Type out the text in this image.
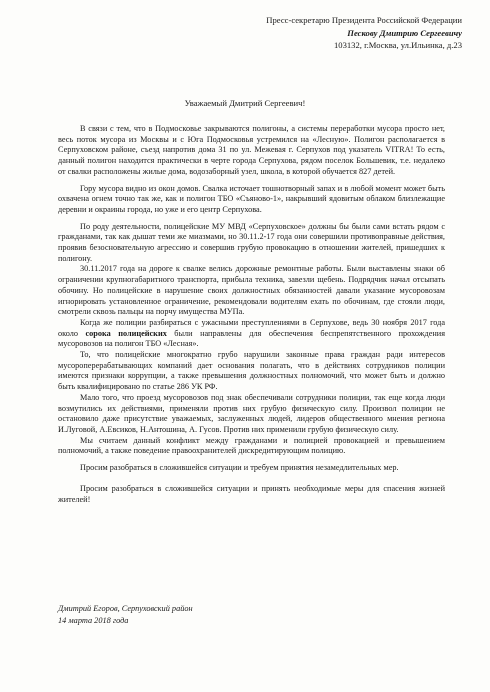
Пресс-секретарю Президента Российской Федерации
Пескову Дмитрию Сергеевичу
103132, г.Москва, ул.Ильинка, д.23
Уважаемый Дмитрий Сергеевич!

В связи с тем, что в Подмосковье закрываются полигоны, а системы переработки мусора просто нет, весь поток мусора из Москвы и с Юга Подмосковья устремился на «Лесную». Полигон располагается в Серпуховском районе, съезд напротив дома 31 по ул. Межевая г. Серпухов под указатель VITRA! То есть, данный полигон находится практически в черте города Серпухова, рядом поселок Большевик, т.е. недалеко от свалки расположены жилые дома, водозаборный узел, школа, в которой обучается 827 детей.

Гору мусора видно из окон домов. Свалка источает тошнотворный запах и в любой момент может быть охвачена огнем точно так же, как и полигон ТБО «Съяново-1», накрывший ядовитым облаком близлежащие деревни и окраины города, но уже и его центр Серпухова.

По роду деятельности, полицейские МУ МВД «Серпуховское» должны бы были сами встать рядом с гражданами, так как дышат теми же миазмами, но 30.11.2-17 года они совершили противоправные действия, проявив безосновательную агрессию и совершив грубую провокацию в отношении жителей, пришедших к полигону.

30.11.2017 года на дороге к свалке велись дорожные ремонтные работы. Были выставлены знаки об ограничении крупногабаритного транспорта, прибыла техника, завезли щебень. Подрядчик начал отсыпать обочину. Но полицейские в нарушение своих должностных обязанностей давали указание мусоровозам игнорировать установленное ограничение, рекомендовали водителям ехать по обочинам, где стояли люди, смотрели сквозь пальцы на порчу имущества МУПа.

Когда же полиции разбираться с ужасными преступлениями в Серпухове, ведь 30 ноября 2017 года около сорока полицейских были направлены для обеспечения беспрепятственного прохождения мусоровозов на полигон ТБО «Лесная».

То, что полицейские многократно грубо нарушили законные права граждан ради интересов мусороперерабатывающих компаний дает основания полагать, что в действиях сотрудников полиции имеются признаки коррупции, а также превышения должностных полномочий, что может быть и должно быть квалифицировано по статье 286 УК РФ.

Мало того, что проезд мусоровозов под знак обеспечивали сотрудники полиции, так еще когда люди возмутились их действиями, применяли против них грубую физическую силу. Произвол полиции не остановило даже присутствие уважаемых, заслуженных людей, лидеров общественного мнения региона И.Луговой, А.Евсиков, Н.Антошина, А. Гусов. Против них применили грубую физическую силу.

Мы считаем данный конфликт между гражданами и полицией провокацией и превышением полномочий, а также поведение правоохранителей дискредитирующим полицию.

Просим разобраться в сложившейся ситуации и требуем принятия незамедлительных мер.

Просим разобраться в сложившейся ситуации и принять необходимые меры для спасения жизней жителей!

Дмитрий Егоров, Серпуховский район
14 марта 2018 года
